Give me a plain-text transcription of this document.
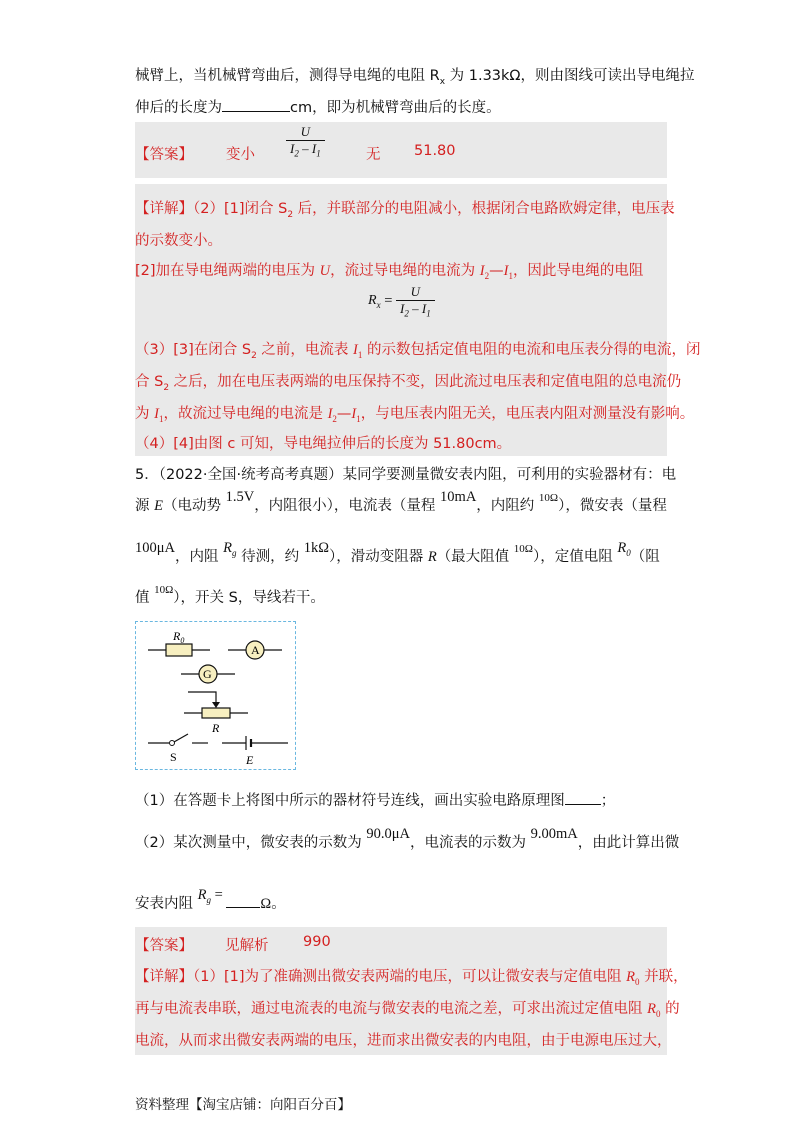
械臂上，当机械臂弯曲后，测得导电绳的电阻 $R_x$ 为 1.33kΩ，则由图线可读出导电绳拉
伸后的长度为	cm，即为机械臂弯曲后的长度。
【答案】 变小 $\frac{U}{I_2 - I_1}$	无 51.80
【详解】（2）[1]闭合 $S_2$ 后，并联部分的电阻减小，根据闭合电路欧姆定律，电压表
的示数变小。
[2]加在导电绳两端的电压为 U，流过导电绳的电流为 $I_2—I_1$，因此导电绳的电阻
$R_x = \frac{U}{I_2 - I_1}$
（3）[3]在闭合 $S_2$ 之前，电流表 $I_1$ 的示数包括定值电阻的电流和电压表分得的电流，闭
合 $S_2$ 之后，加在电压表两端的电压保持不变，因此流过电压表和定值电阻的总电流仍
为 $I_1$，故流过导电绳的电流是 $I_2—I_1$，与电压表内阻无关，电压表内阻对测量没有影响。
（4）[4]由图 c 可知，导电绳拉伸后的长度为 51.80cm。
5．（2022·全国·统考高考真题）某同学要测量微安表内阻，可利用的实验器材有：电
源 E（电动势 1.5V，内阻很小），电流表（量程 10mA，内阻约 $^{10\Omega}$），微安表（量程
100μA，内阻 $R_g$ 待测，约 1kΩ），滑动变阻器 R（最大阻值 $^{10\Omega}$），定值电阻 $R_0$（阻
值 $^{10\Omega}$），开关 S，导线若干。
$R_0$
A
G
R
S	E
（1）在答题卡上将图中所示的器材符号连线，画出实验电路原理图 ；
（2）某次测量中，微安表的示数为 90.0μA，电流表的示数为 9.00mA，由此计算出微
安表内阻 $R_g = \Omega$。
【答案】 见解析 990
【详解】（1）[1]为了准确测出微安表两端的电压，可以让微安表与定值电阻 $R_0$ 并联，
再与电流表串联，通过电流表的电流与微安表的电流之差，可求出流过定值电阻 $R_0$ 的
电流，从而求出微安表两端的电压，进而求出微安表的内电阻，由于电源电压过大，
资料整理【淘宝店铺：向阳百分百】
